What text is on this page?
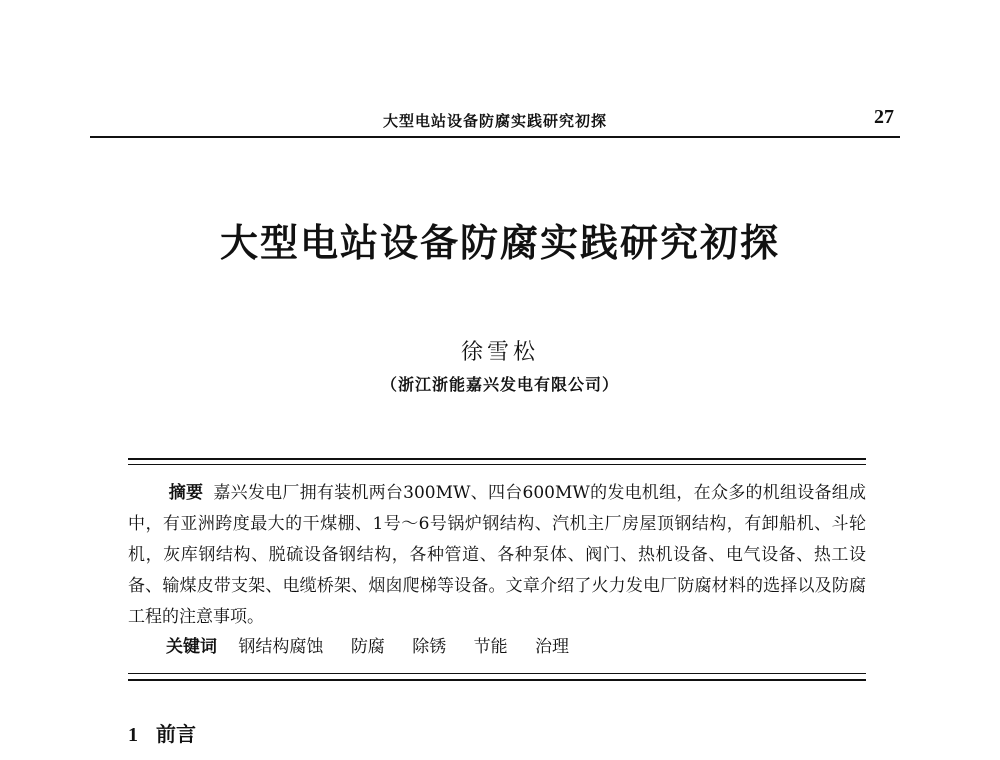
大型电站设备防腐实践研究初探	27
大型电站设备防腐实践研究初探
徐雪松
（浙江浙能嘉兴发电有限公司）
摘要 嘉兴发电厂拥有装机两台300MW、四台600MW的发电机组，在众多的机组设备组成中，有亚洲跨度最大的干煤棚、1号～6号锅炉钢结构、汽机主厂房屋顶钢结构，有卸船机、斗轮机，灰库钢结构、脱硫设备钢结构，各种管道、各种泵体、阀门、热机设备、电气设备、热工设备、输煤皮带支架、电缆桥架、烟囱爬梯等设备。文章介绍了火力发电厂防腐材料的选择以及防腐工程的注意事项。
关键词 钢结构腐蚀 防腐 除锈 节能 治理
1 前言
